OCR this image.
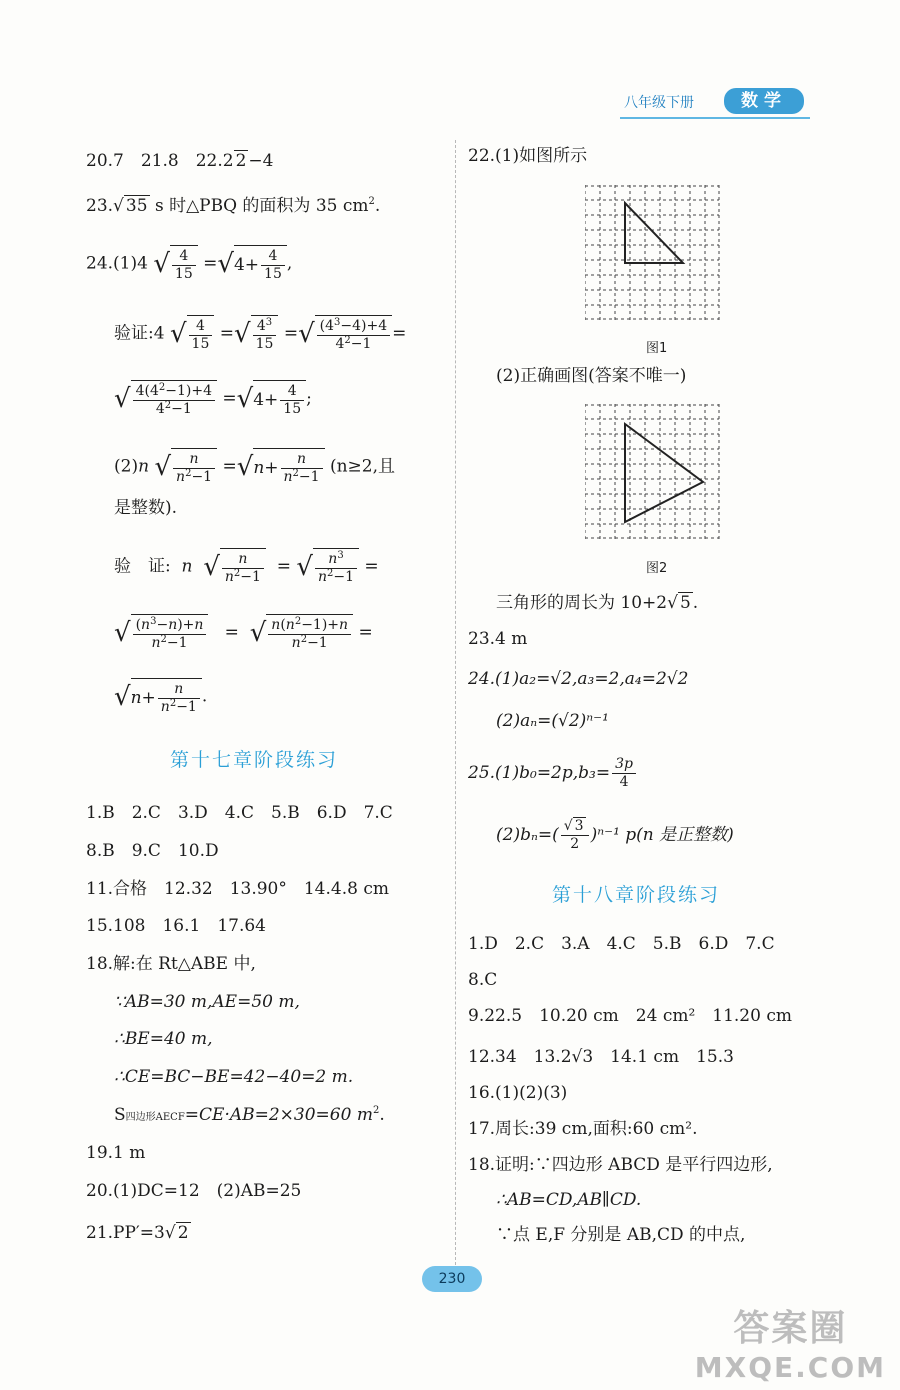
八年级下册	数学
20.7　21.8　22.2 2 −4
23.√ 35 s 时△PBQ 的面积为 35 $cm^2$.
24.(1)4 √ $\frac{4}{15} =√4+ \frac{4}{15}$ ,
验证:4 √ $\frac{4}{15}$ =√ $\frac{4^3}{15}$ =√ $\frac{(4^3-4)+4}{4^2-1}$ =
√ $\frac{4(4^2-1)+4}{4^2-1} =√4+ \frac{4}{15}$ ;
(2)n √ $\frac{n}{n^2-1} =√n+ \frac{n}{n^2-1} (n\ge 2$,且
是整数).
验　证: n √ $\frac{n}{n^2-1}$ = √ $\frac{n^3}{n^2-1}$ =
√ $\frac{(n^3-n)+n}{n^2-1}$ =  √ $\frac{n(n^2-1)+n}{n^2-1}$ =
$√n+ \frac{n}{n^2-1}$ .
第十七章阶段练习
1.B　2.C　3.D　4.C　5.B　6.D　7.C
8.B　9.C　10.D
11.合格　12.32　13.90°　14.4.8 cm
15.108　16.1　17.64
18.解:在 Rt△ABE 中,
∵AB=30 m,AE=50 m,
∴BE=40 m,
∴CE=BC−BE=42−40=2 m.
S四边形AECF=CE·AB=2×30=60 $m^2$.
19.1 m
20.(1)DC=12　(2)AB=25
21.PP′=3√ 2
22.(1)如图所示
图1
(2)正确画图(答案不唯一)
图2
三角形的周长为 10+2√ 5 .
23.4 m
24.(1)a₂=√2,a₃=2,a₄=2√2
(2)aₙ=(√2)ⁿ⁻¹
$25.(1)b_0=2p,b_3= \frac{3p}{4}$
$(2)b_n=( \frac{√ 3}{2} )^{n-1}$ p(n 是正整数)
第十八章阶段练习
1.D　2.C　3.A　4.C　5.B　6.D　7.C
8.C
9.22.5　10.20 cm　24 cm²　11.20 cm
12.34　13.2√3　14.1 cm　15.3
16.(1)(2)(3)
17.周长:39 cm,面积:60 cm².
18.证明:∵四边形 ABCD 是平行四边形,
∴AB=CD,AB∥CD.
∵点 E,F 分别是 AB,CD 的中点,
230
答案圈
MXQE.COM
